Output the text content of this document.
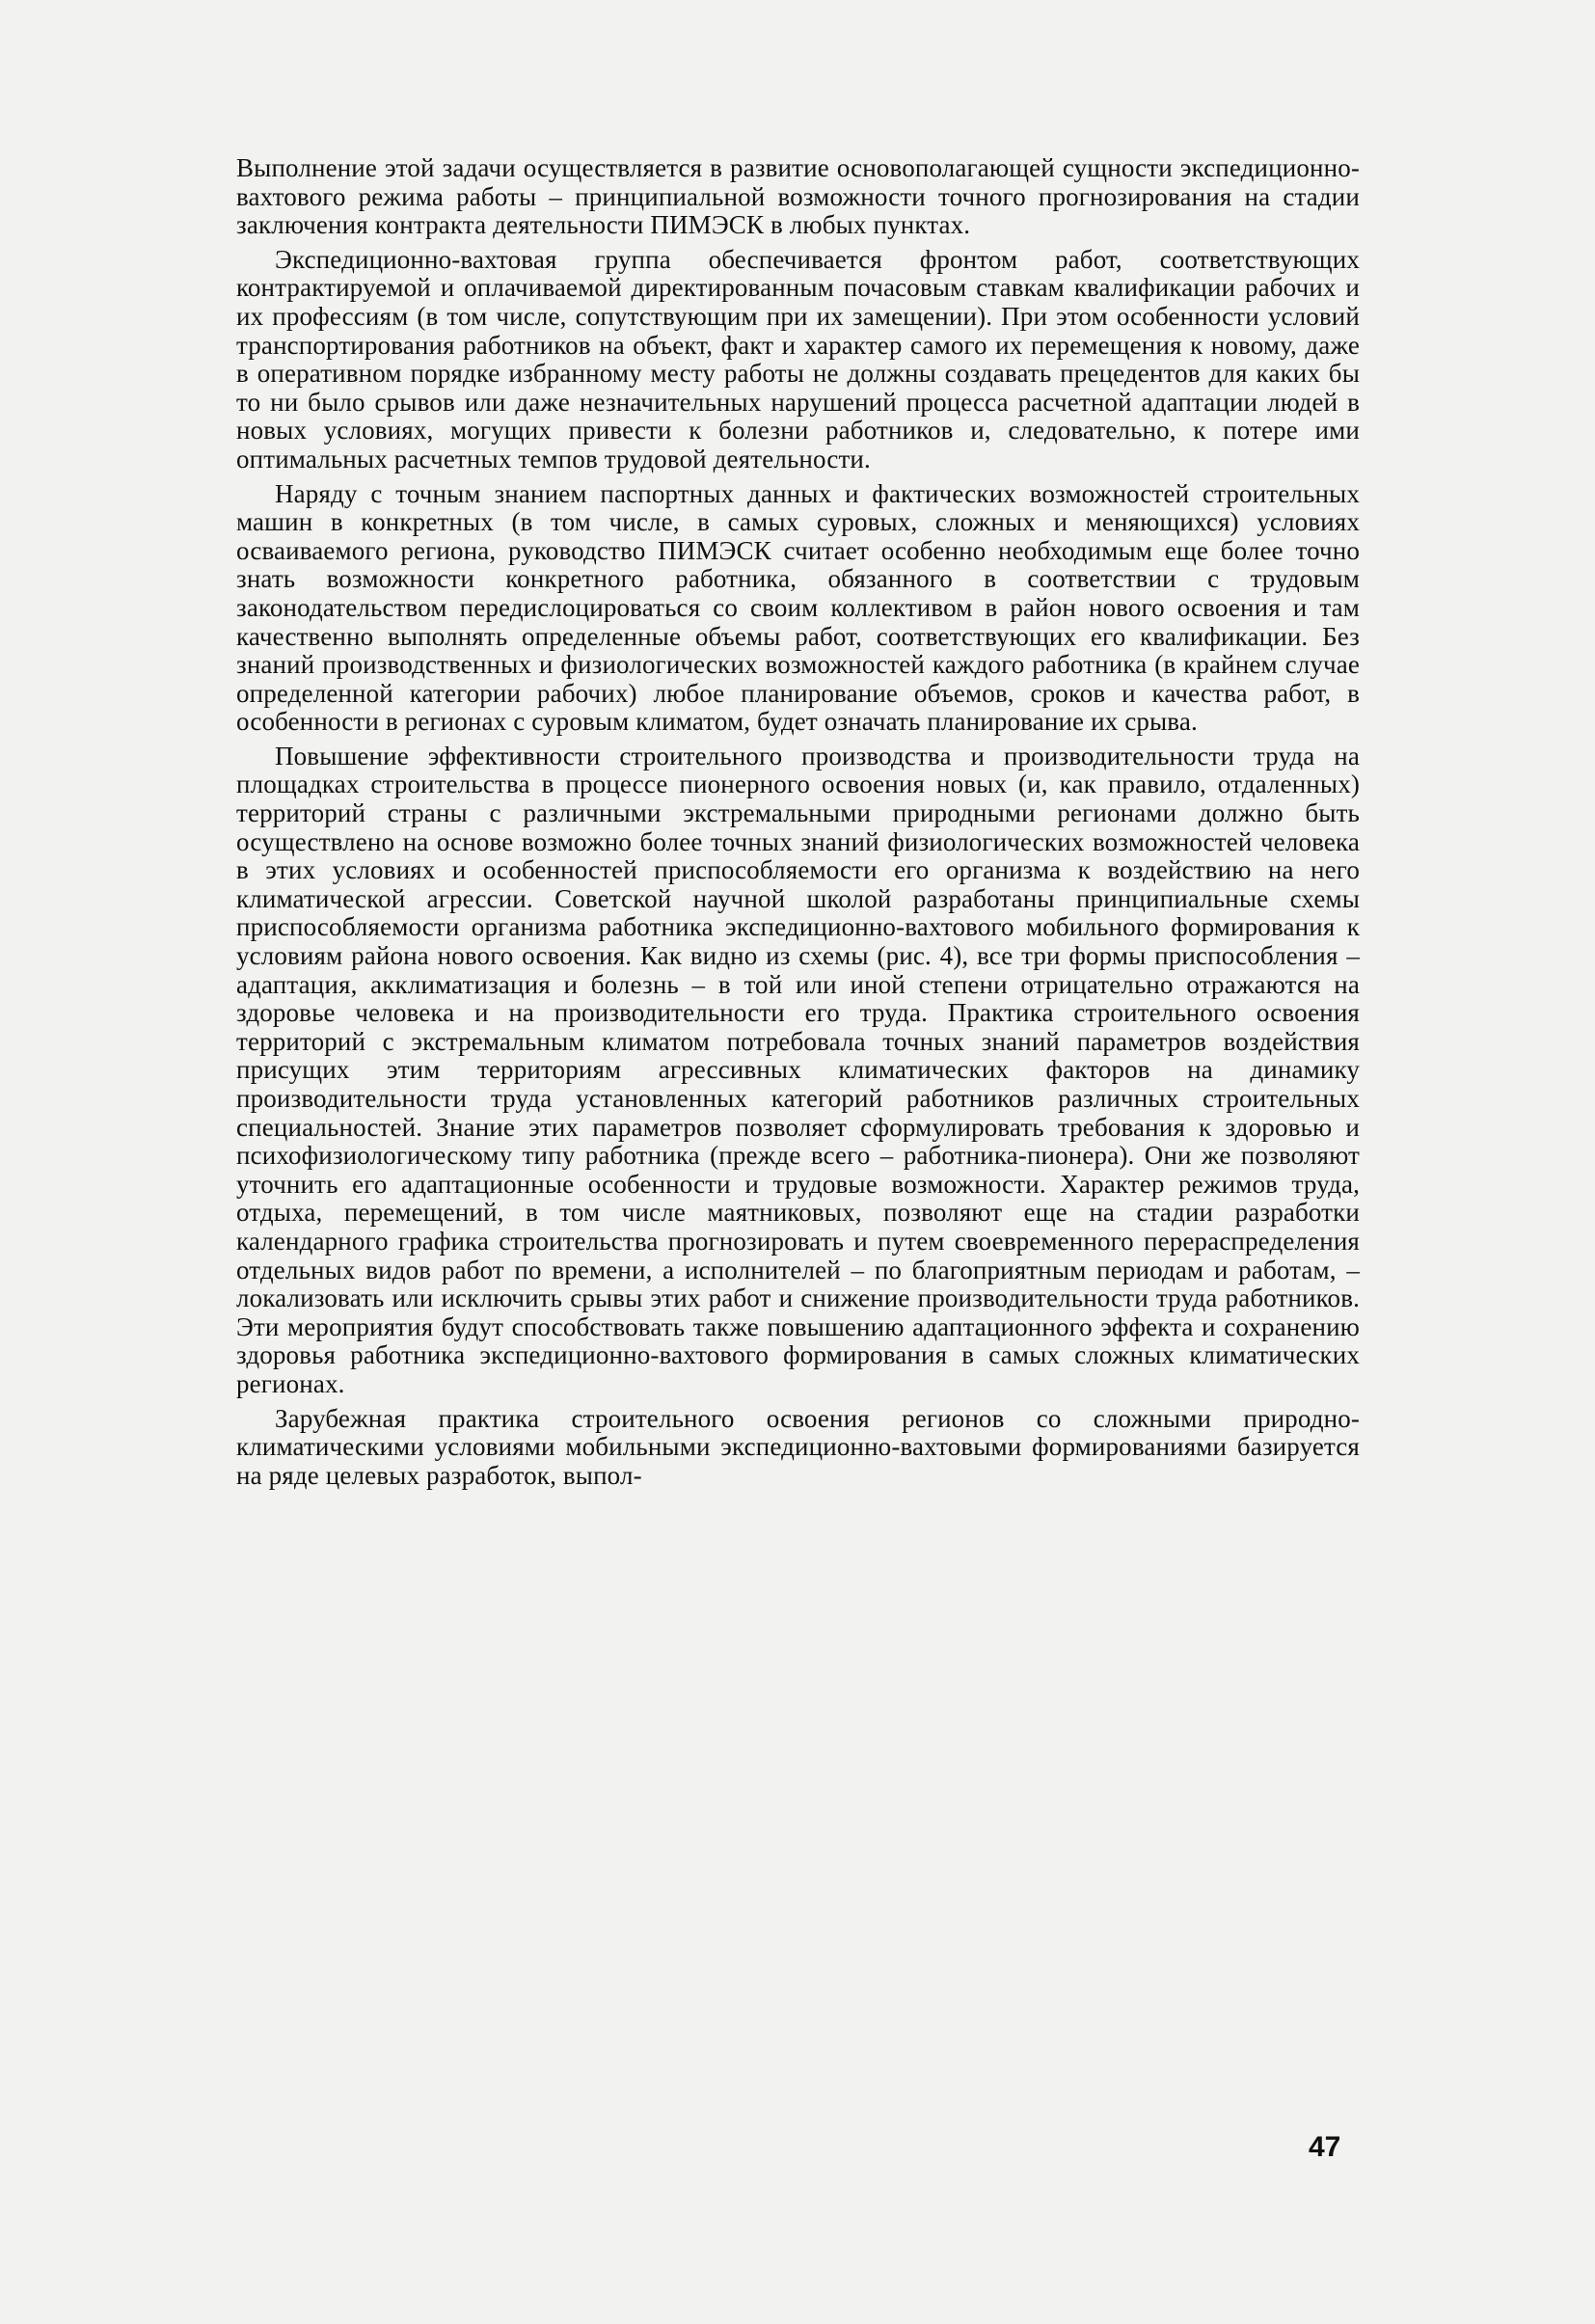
Выполнение этой задачи осуществляется в развитие основополагающей сущности экспедиционно-вахтового режима работы – принципиальной возможности точного прогнозирования на стадии заключения контракта деятельности ПИМЭСК в любых пунктах.

Экспедиционно-вахтовая группа обеспечивается фронтом работ, соответствующих контрактируемой и оплачиваемой директированным почасовым ставкам квалификации рабочих и их профессиям (в том числе, сопутствующим при их замещении). При этом особенности условий транспортирования работников на объект, факт и характер самого их перемещения к новому, даже в оперативном порядке избранному месту работы не должны создавать прецедентов для каких бы то ни было срывов или даже незначительных нарушений процесса расчетной адаптации людей в новых условиях, могущих привести к болезни работников и, следовательно, к потере ими оптимальных расчетных темпов трудовой деятельности.

Наряду с точным знанием паспортных данных и фактических возможностей строительных машин в конкретных (в том числе, в самых суровых, сложных и меняющихся) условиях осваиваемого региона, руководство ПИМЭСК считает особенно необходимым еще более точно знать возможности конкретного работника, обязанного в соответствии с трудовым законодательством передислоцироваться со своим коллективом в район нового освоения и там качественно выполнять определенные объемы работ, соответствующих его квалификации. Без знаний производственных и физиологических возможностей каждого работника (в крайнем случае определенной категории рабочих) любое планирование объемов, сроков и качества работ, в особенности в регионах с суровым климатом, будет означать планирование их срыва.

Повышение эффективности строительного производства и производительности труда на площадках строительства в процессе пионерного освоения новых (и, как правило, отдаленных) территорий страны с различными экстремальными природными регионами должно быть осуществлено на основе возможно более точных знаний физиологических возможностей человека в этих условиях и особенностей приспособляемости его организма к воздействию на него климатической агрессии. Советской научной школой разработаны принципиальные схемы приспособляемости организма работника экспедиционно-вахтового мобильного формирования к условиям района нового освоения. Как видно из схемы (рис. 4), все три формы приспособления – адаптация, акклиматизация и болезнь – в той или иной степени отрицательно отражаются на здоровье человека и на производительности его труда. Практика строительного освоения территорий с экстремальным климатом потребовала точных знаний параметров воздействия присущих этим территориям агрессивных климатических факторов на динамику производительности труда установленных категорий работников различных строительных специальностей. Знание этих параметров позволяет сформулировать требования к здоровью и психофизиологическому типу работника (прежде всего – работника-пионера). Они же позволяют уточнить его адаптационные особенности и трудовые возможности. Характер режимов труда, отдыха, перемещений, в том числе маятниковых, позволяют еще на стадии разработки календарного графика строительства прогнозировать и путем своевременного перераспределения отдельных видов работ по времени, а исполнителей – по благоприятным периодам и работам, – локализовать или исключить срывы этих работ и снижение производительности труда работников. Эти мероприятия будут способствовать также повышению адаптационного эффекта и сохранению здоровья работника экспедиционно-вахтового формирования в самых сложных климатических регионах.

Зарубежная практика строительного освоения регионов со сложными природно-климатическими условиями мобильными экспедиционно-вахтовыми формированиями базируется на ряде целевых разработок, выпол-

47
